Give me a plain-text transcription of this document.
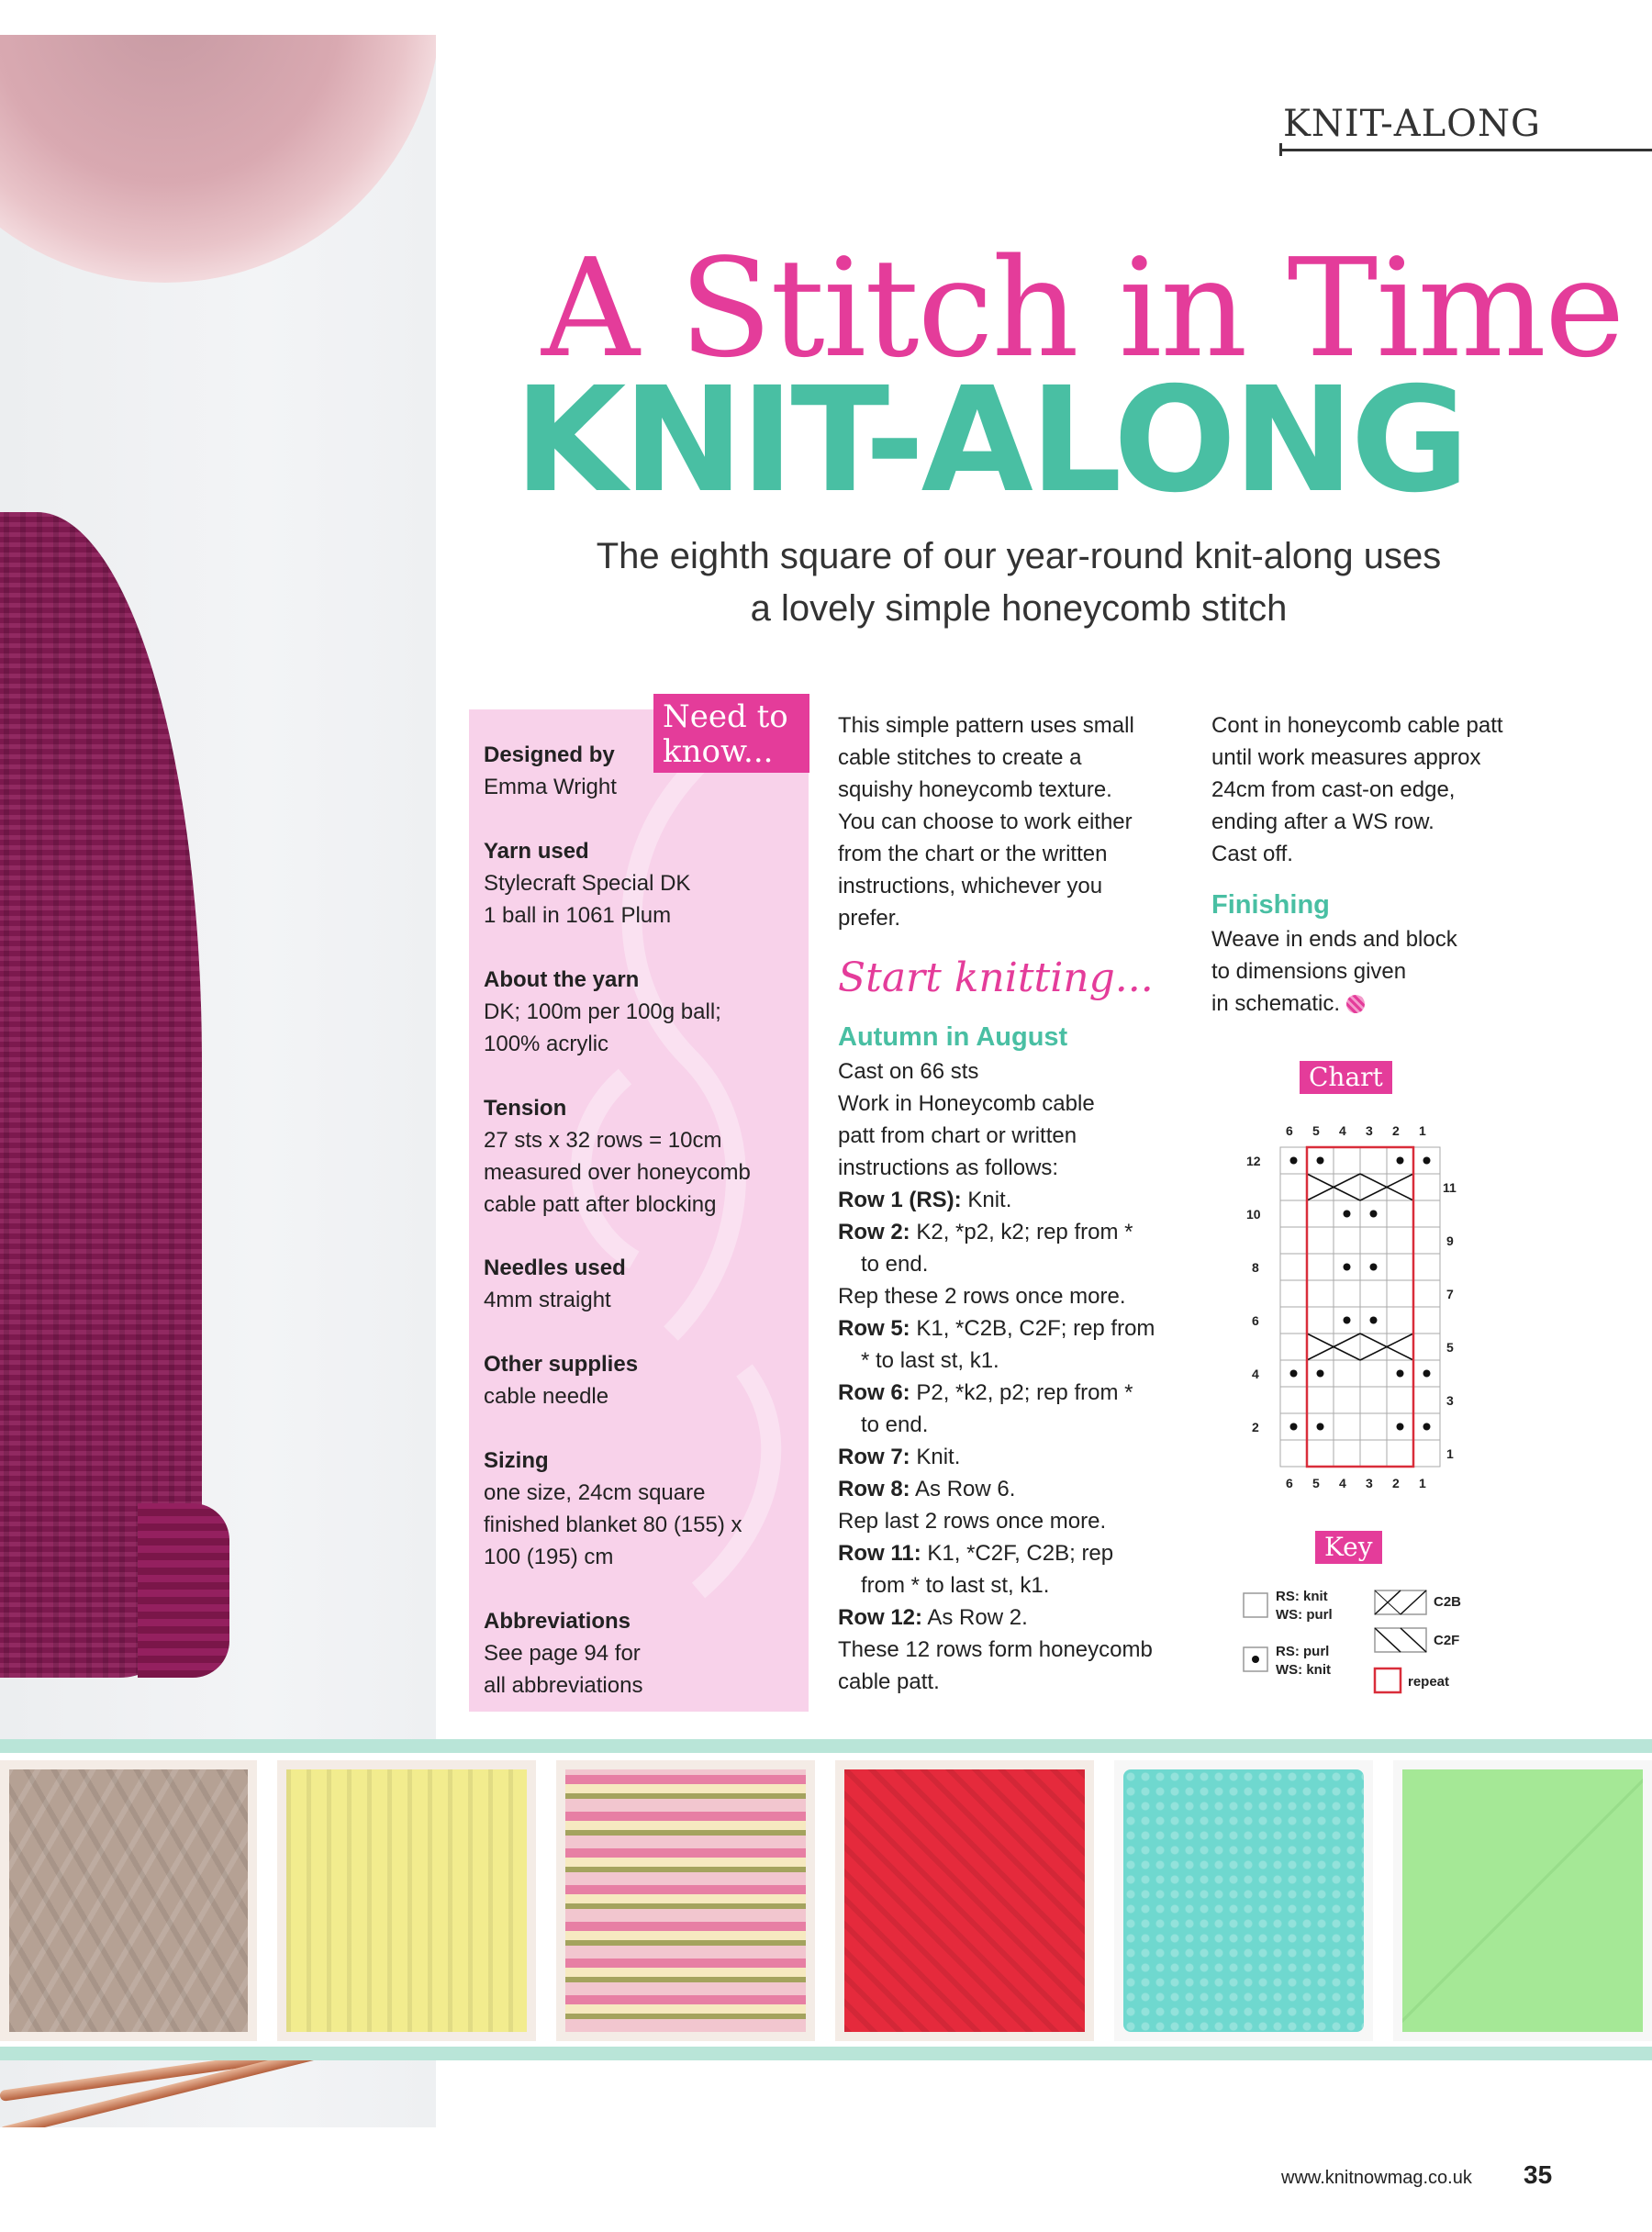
KNIT-ALONG
A Stitch in Time
KNIT-ALONG
The eighth square of our year-round knit-along uses
a lovely simple honeycomb stitch
Need to
know...
Designed by
Emma Wright
Yarn used
Stylecraft Special DK
1 ball in 1061 Plum
About the yarn
DK; 100m per 100g ball;
100% acrylic
Tension
27 sts x 32 rows = 10cm
measured over honeycomb
cable patt after blocking
Needles used
4mm straight
Other supplies
cable needle
Sizing
one size, 24cm square
finished blanket 80 (155) x
100 (195) cm
Abbreviations
See page 94 for
all abbreviations
This simple pattern uses small
cable stitches to create a
squishy honeycomb texture.
You can choose to work either
from the chart or the written
instructions, whichever you
prefer.
Start knitting...
Autumn in August
Cast on 66 sts
Work in Honeycomb cable
patt from chart or written
instructions as follows:
Row 1 (RS): Knit.
Row 2: K2, *p2, k2; rep from *
to end.
Rep these 2 rows once more.
Row 5: K1, *C2B, C2F; rep from
* to last st, k1.
Row 6: P2, *k2, p2; rep from *
to end.
Row 7: Knit.
Row 8: As Row 6.
Rep last 2 rows once more.
Row 11: K1, *C2F, C2B; rep
from * to last st, k1.
Row 12: As Row 2.
These 12 rows form honeycomb
cable patt.
Cont in honeycomb cable patt
until work measures approx
24cm from cast-on edge,
ending after a WS row.
Cast off.
Finishing
Weave in ends and block
to dimensions given
in schematic.
Chart
6 5 4 3 2 1
6 5 4 3 2 1
12
10
8
6
4
2
11
9
7
5
3
1
Key
RS: knit
WS: purl
RS: purl
WS: knit
C2B
C2F
repeat
www.knitnowmag.co.uk 35
